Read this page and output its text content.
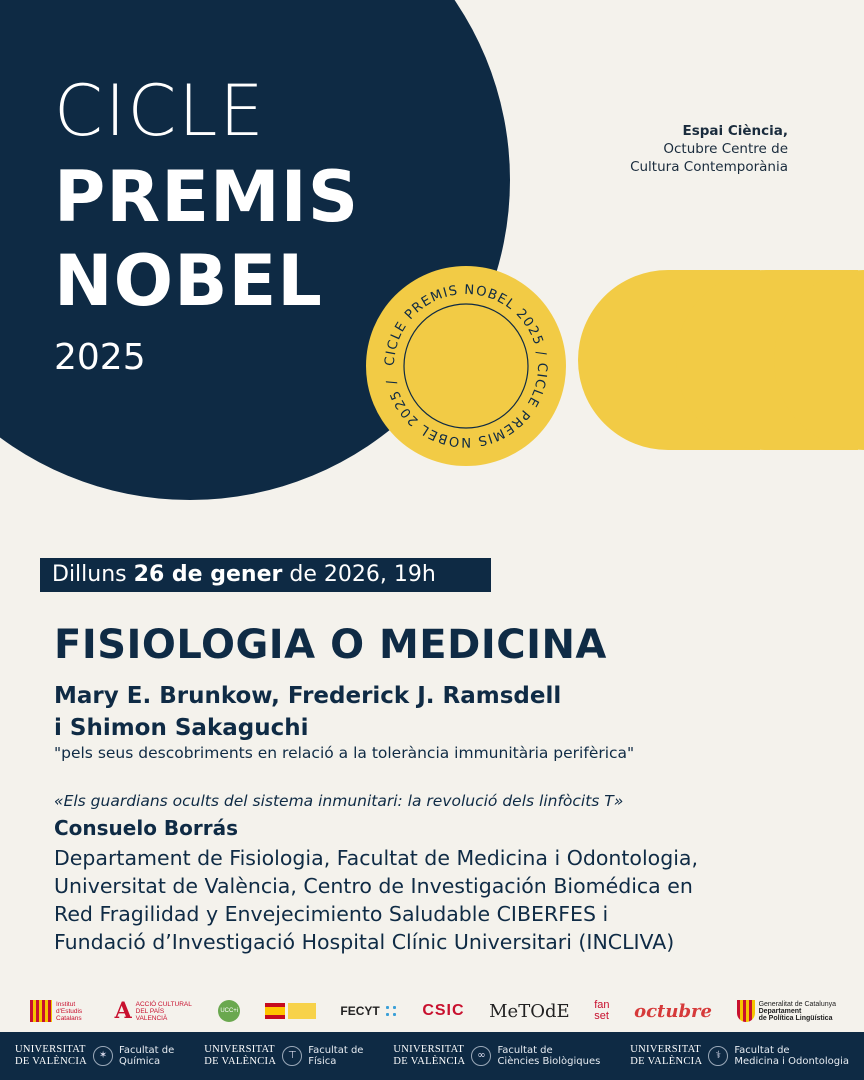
CICLE
PREMIS
NOBEL
2025
Espai Ciència,
Octubre Centre de
Cultura Contemporània
CICLE PREMIS NOBEL 2025 / CICLE PREMIS NOBEL 2025 /
Dilluns 26 de gener de 2026, 19h
FISIOLOGIA O MEDICINA
Mary E. Brunkow, Frederick J. Ramsdell
i Shimon Sakaguchi
"pels seus descobriments en relació a la tolerància immunitària perifèrica"
«Els guardians ocults del sistema inmunitari: la revolució dels linfòcits T»
Consuelo Borrás
Departament de Fisiologia, Facultat de Medicina i Odontologia,
Universitat de València, Centro de Investigación Biomédica en
Red Fragilidad y Envejecimiento Saludable CIBERFES i
Fundació d’Investigació Hospital Clínic Universitari (INCLIVA)
Institut d'Estudis Catalans	A ACCIÓ CULTURAL DEL PAÍS VALENCIÀ
UCC+i	FECYT	CSIC MeTOdE fan
set octubre	Generalitat de Catalunya
Departament
de Política Lingüística
UNIVERSITAT
DE VALÈNCIA
✶	Facultat de
Química
UNIVERSITAT
DE VALÈNCIA
⊤	Facultat de
Física
UNIVERSITAT
DE VALÈNCIA
∞	Facultat de
Ciències Biològiques
UNIVERSITAT
DE VALÈNCIA
⚕	Facultat de
Medicina i Odontologia
